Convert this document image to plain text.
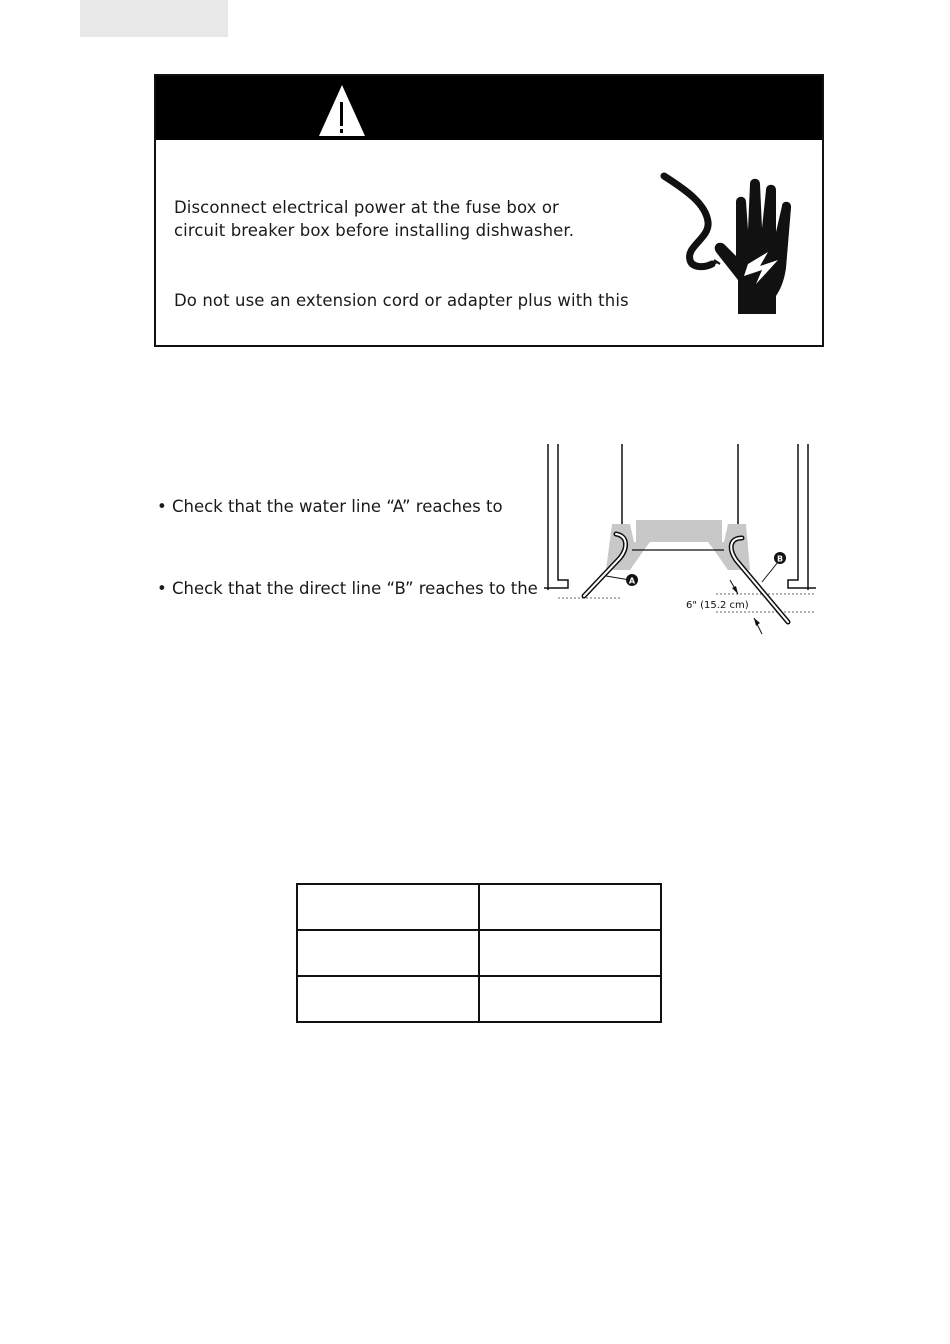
Disconnect electrical power at the fuse box or circuit breaker box before installing dishwasher.

Do not use an extension cord or adapter plus with this

• Check that the water line “A” reaches to

• Check that the direct line “B” reaches to the	A
B
6" (15.2 cm)
